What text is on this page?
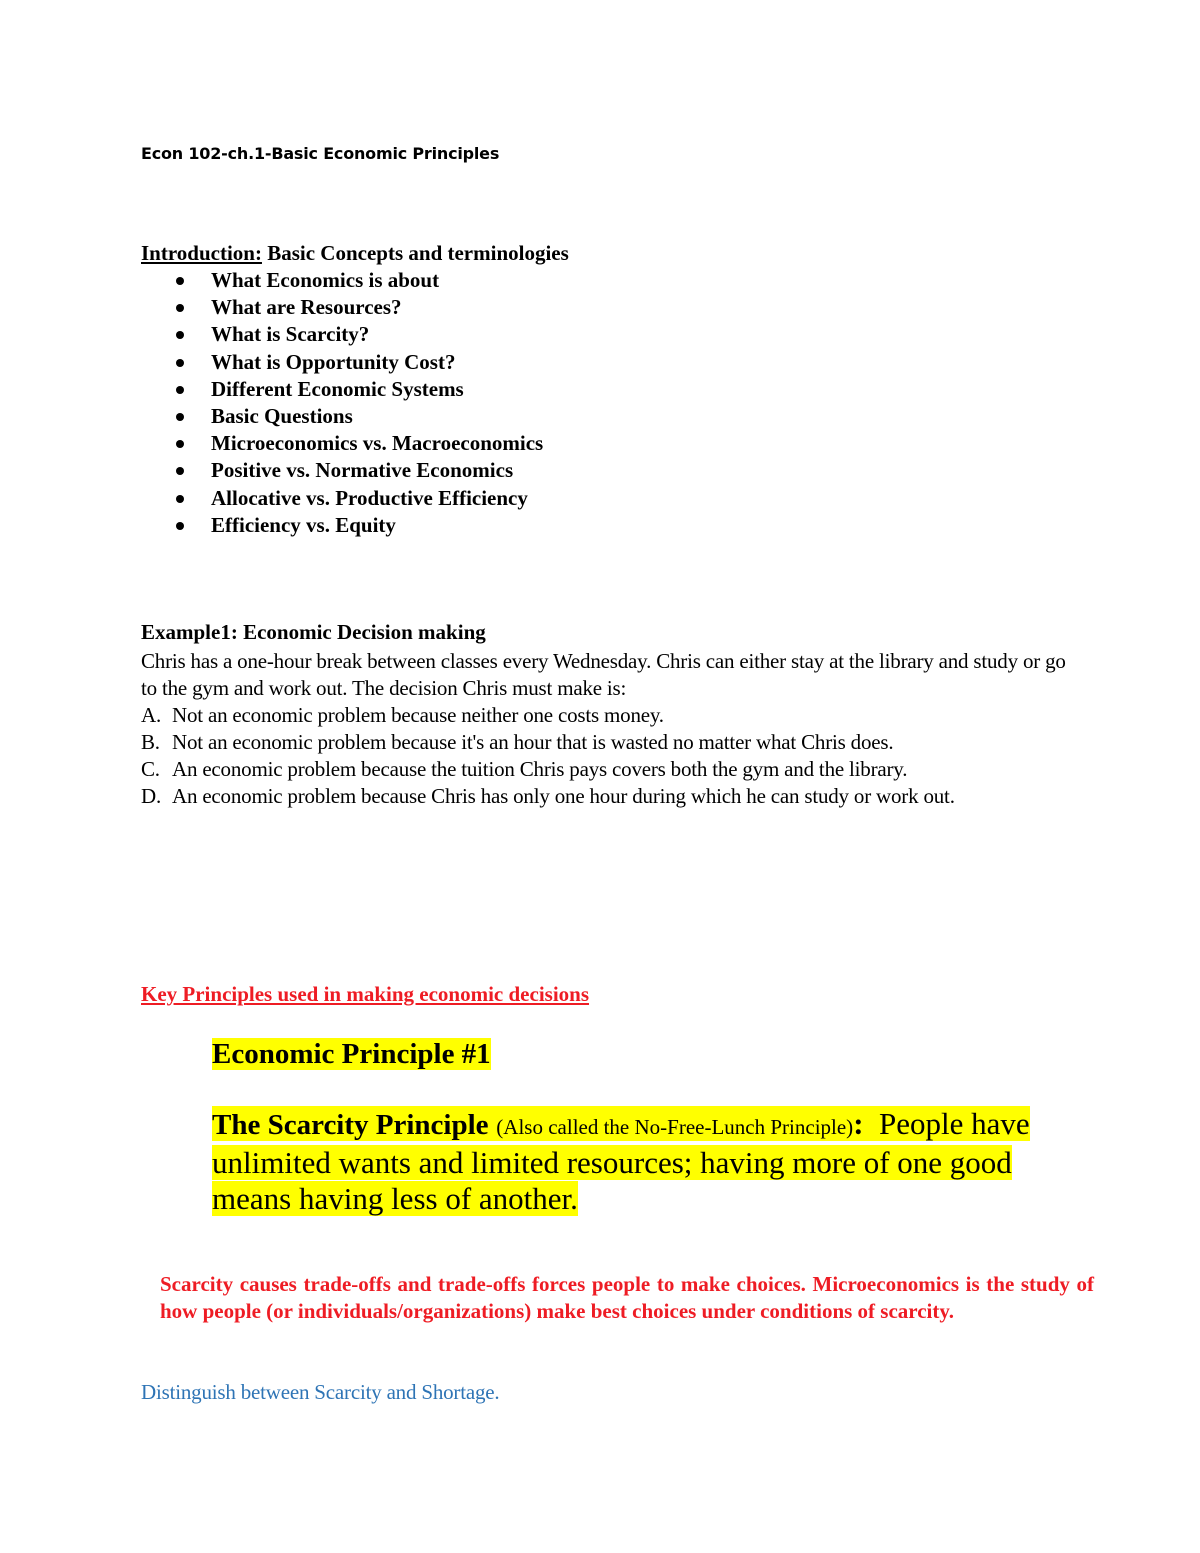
Econ 102-ch.1-Basic Economic Principles
Introduction: Basic Concepts and terminologies
What Economics is about
What are Resources?
What is Scarcity?
What is Opportunity Cost?
Different Economic Systems
Basic Questions
Microeconomics vs. Macroeconomics
Positive vs. Normative Economics
Allocative vs. Productive Efficiency
Efficiency vs. Equity
Example1: Economic Decision making
Chris has a one-hour break between classes every Wednesday. Chris can either stay at the library and study or go to the gym and work out. The decision Chris must make is:
A. Not an economic problem because neither one costs money.
B. Not an economic problem because it's an hour that is wasted no matter what Chris does.
C. An economic problem because the tuition Chris pays covers both the gym and the library.
D. An economic problem because Chris has only one hour during which he can study or work out.
Key Principles used in making economic decisions
Economic Principle #1
The Scarcity Principle (Also called the No-Free-Lunch Principle): People have unlimited wants and limited resources; having more of one good means having less of another.
Scarcity causes trade-offs and trade-offs forces people to make choices. Microeconomics is the study of how people (or individuals/organizations) make best choices under conditions of scarcity.
Distinguish between Scarcity and Shortage.
